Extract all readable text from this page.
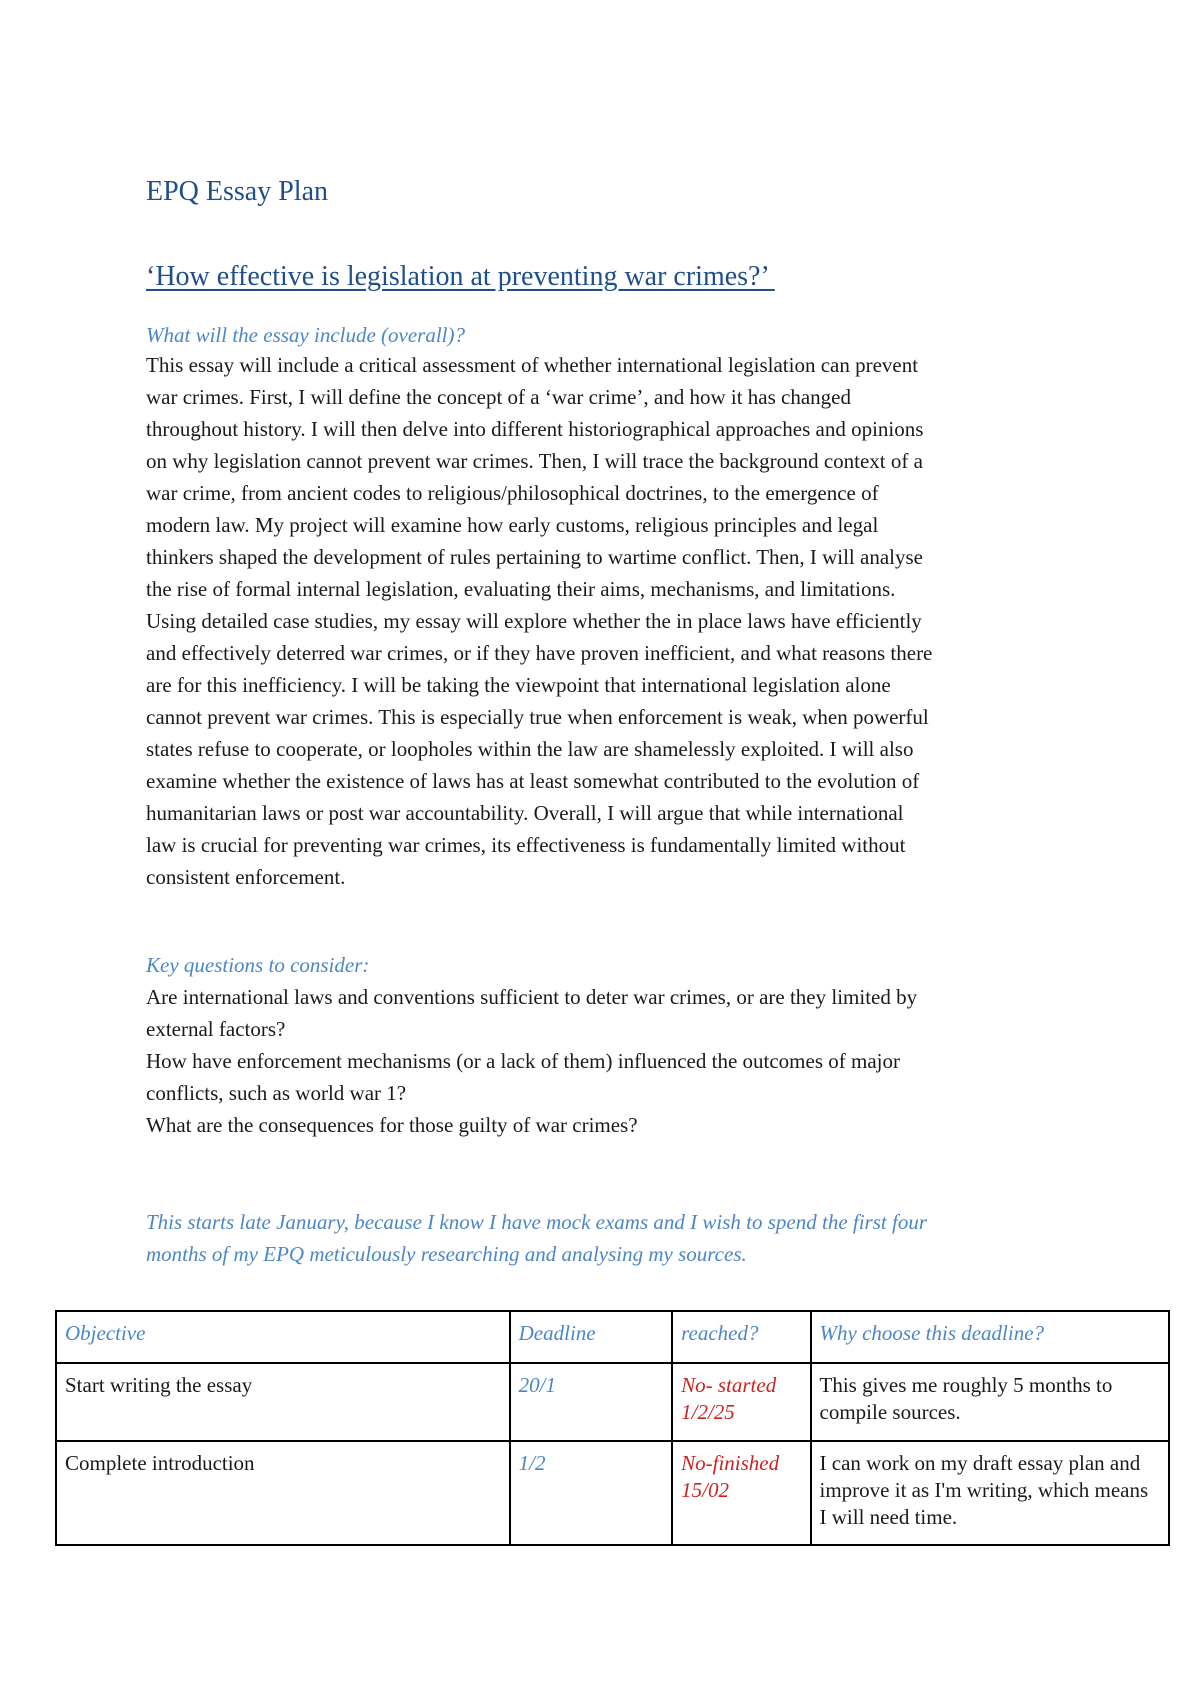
EPQ Essay Plan

‘How effective is legislation at preventing war crimes?’

What will the essay include (overall)?

This essay will include a critical assessment of whether international legislation can prevent
war crimes. First, I will define the concept of a ‘war crime’, and how it has changed
throughout history. I will then delve into different historiographical approaches and opinions
on why legislation cannot prevent war crimes. Then, I will trace the background context of a
war crime, from ancient codes to religious/philosophical doctrines, to the emergence of
modern law. My project will examine how early customs, religious principles and legal
thinkers shaped the development of rules pertaining to wartime conflict. Then, I will analyse
the rise of formal internal legislation, evaluating their aims, mechanisms, and limitations.
Using detailed case studies, my essay will explore whether the in place laws have efficiently
and effectively deterred war crimes, or if they have proven inefficient, and what reasons there
are for this inefficiency. I will be taking the viewpoint that international legislation alone
cannot prevent war crimes. This is especially true when enforcement is weak, when powerful
states refuse to cooperate, or loopholes within the law are shamelessly exploited. I will also
examine whether the existence of laws has at least somewhat contributed to the evolution of
humanitarian laws or post war accountability. Overall, I will argue that while international
law is crucial for preventing war crimes, its effectiveness is fundamentally limited without
consistent enforcement.

Key questions to consider:

Are international laws and conventions sufficient to deter war crimes, or are they limited by
external factors?
How have enforcement mechanisms (or a lack of them) influenced the outcomes of major
conflicts, such as world war 1?
What are the consequences for those guilty of war crimes?
This starts late January, because I know I have mock exams and I wish to spend the first four
months of my EPQ meticulously researching and analysing my sources.
Objective	Deadline	reached?	Why choose this deadline?
Start writing the essay	20/1	No- started
1/2/25	This gives me roughly 5 months to compile sources.
Complete introduction	1/2	No-finished
15/02	I can work on my draft essay plan and improve it as I'm writing, which means I will need time.
